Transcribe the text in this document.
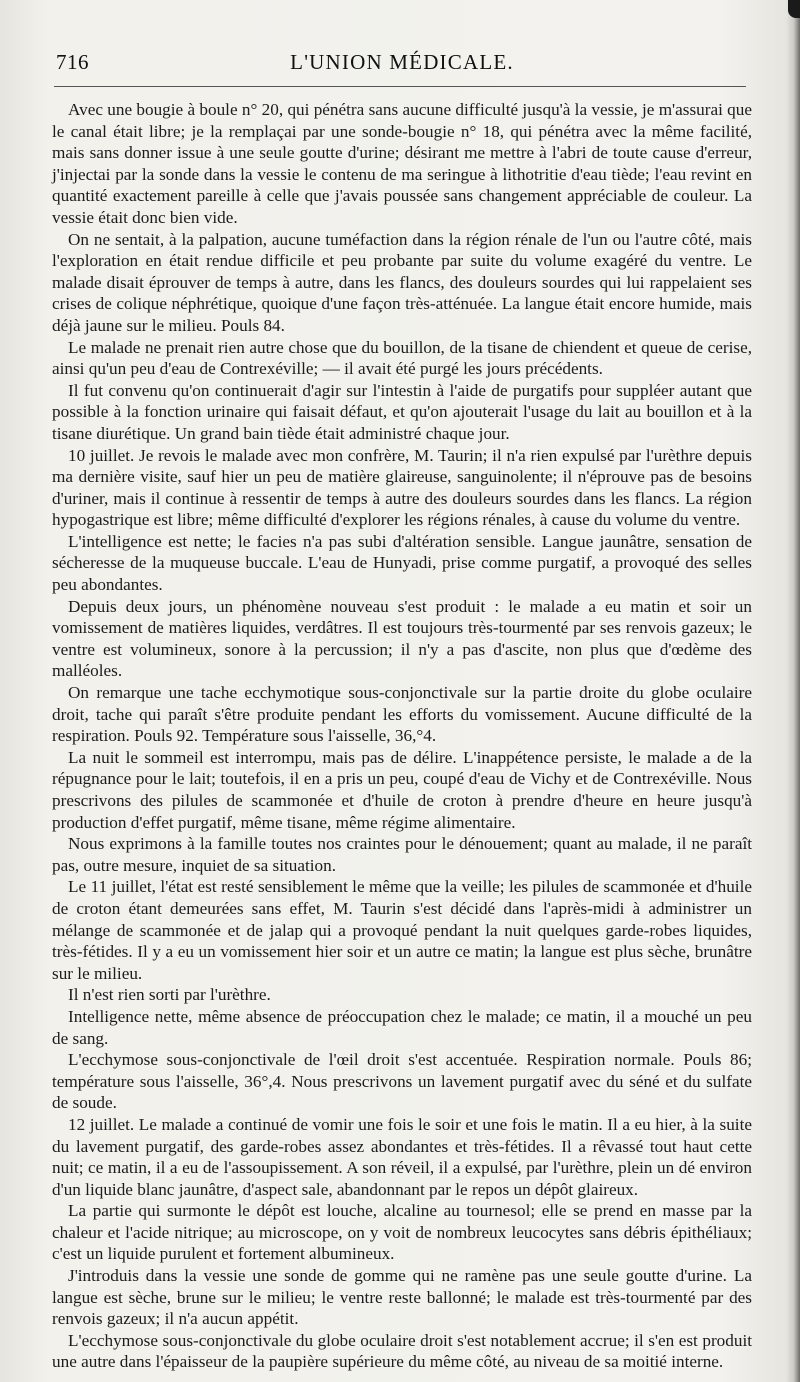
716	L'UNION MÉDICALE.

Avec une bougie à boule n° 20, qui pénétra sans aucune difficulté jusqu'à la vessie, je m'assurai que le canal était libre; je la remplaçai par une sonde-bougie n° 18, qui pénétra avec la même facilité, mais sans donner issue à une seule goutte d'urine; désirant me mettre à l'abri de toute cause d'erreur, j'injectai par la sonde dans la vessie le contenu de ma seringue à lithotritie d'eau tiède; l'eau revint en quantité exactement pareille à celle que j'avais poussée sans changement appréciable de couleur. La vessie était donc bien vide.

On ne sentait, à la palpation, aucune tuméfaction dans la région rénale de l'un ou l'autre côté, mais l'exploration en était rendue difficile et peu probante par suite du volume exagéré du ventre. Le malade disait éprouver de temps à autre, dans les flancs, des douleurs sourdes qui lui rappelaient ses crises de colique néphrétique, quoique d'une façon très-atténuée. La langue était encore humide, mais déjà jaune sur le milieu. Pouls 84.

Le malade ne prenait rien autre chose que du bouillon, de la tisane de chiendent et queue de cerise, ainsi qu'un peu d'eau de Contrexéville; — il avait été purgé les jours précédents.

Il fut convenu qu'on continuerait d'agir sur l'intestin à l'aide de purgatifs pour suppléer autant que possible à la fonction urinaire qui faisait défaut, et qu'on ajouterait l'usage du lait au bouillon et à la tisane diurétique. Un grand bain tiède était administré chaque jour.

10 juillet. Je revois le malade avec mon confrère, M. Taurin; il n'a rien expulsé par l'urèthre depuis ma dernière visite, sauf hier un peu de matière glaireuse, sanguinolente; il n'éprouve pas de besoins d'uriner, mais il continue à ressentir de temps à autre des douleurs sourdes dans les flancs. La région hypogastrique est libre; même difficulté d'explorer les régions rénales, à cause du volume du ventre.

L'intelligence est nette; le facies n'a pas subi d'altération sensible. Langue jaunâtre, sensation de sécheresse de la muqueuse buccale. L'eau de Hunyadi, prise comme purgatif, a provoqué des selles peu abondantes.

Depuis deux jours, un phénomène nouveau s'est produit : le malade a eu matin et soir un vomissement de matières liquides, verdâtres. Il est toujours très-tourmenté par ses renvois gazeux; le ventre est volumineux, sonore à la percussion; il n'y a pas d'ascite, non plus que d'œdème des malléoles.

On remarque une tache ecchymotique sous-conjonctivale sur la partie droite du globe oculaire droit, tache qui paraît s'être produite pendant les efforts du vomissement. Aucune difficulté de la respiration. Pouls 92. Température sous l'aisselle, 36,°4.

La nuit le sommeil est interrompu, mais pas de délire. L'inappétence persiste, le malade a de la répugnance pour le lait; toutefois, il en a pris un peu, coupé d'eau de Vichy et de Contrexéville. Nous prescrivons des pilules de scammonée et d'huile de croton à prendre d'heure en heure jusqu'à production d'effet purgatif, même tisane, même régime alimentaire.

Nous exprimons à la famille toutes nos craintes pour le dénouement; quant au malade, il ne paraît pas, outre mesure, inquiet de sa situation.

Le 11 juillet, l'état est resté sensiblement le même que la veille; les pilules de scammonée et d'huile de croton étant demeurées sans effet, M. Taurin s'est décidé dans l'après-midi à administrer un mélange de scammonée et de jalap qui a provoqué pendant la nuit quelques garde-robes liquides, très-fétides. Il y a eu un vomissement hier soir et un autre ce matin; la langue est plus sèche, brunâtre sur le milieu.

Il n'est rien sorti par l'urèthre.

Intelligence nette, même absence de préoccupation chez le malade; ce matin, il a mouché un peu de sang.

L'ecchymose sous-conjonctivale de l'œil droit s'est accentuée. Respiration normale. Pouls 86; température sous l'aisselle, 36°,4. Nous prescrivons un lavement purgatif avec du séné et du sulfate de soude.

12 juillet. Le malade a continué de vomir une fois le soir et une fois le matin. Il a eu hier, à la suite du lavement purgatif, des garde-robes assez abondantes et très-fétides. Il a rêvassé tout haut cette nuit; ce matin, il a eu de l'assoupissement. A son réveil, il a expulsé, par l'urèthre, plein un dé environ d'un liquide blanc jaunâtre, d'aspect sale, abandonnant par le repos un dépôt glaireux.

La partie qui surmonte le dépôt est louche, alcaline au tournesol; elle se prend en masse par la chaleur et l'acide nitrique; au microscope, on y voit de nombreux leucocytes sans débris épithéliaux; c'est un liquide purulent et fortement albumineux.

J'introduis dans la vessie une sonde de gomme qui ne ramène pas une seule goutte d'urine. La langue est sèche, brune sur le milieu; le ventre reste ballonné; le malade est très-tourmenté par des renvois gazeux; il n'a aucun appétit.

L'ecchymose sous-conjonctivale du globe oculaire droit s'est notablement accrue; il s'en est produit une autre dans l'épaisseur de la paupière supérieure du même côté, au niveau de sa moitié interne.
